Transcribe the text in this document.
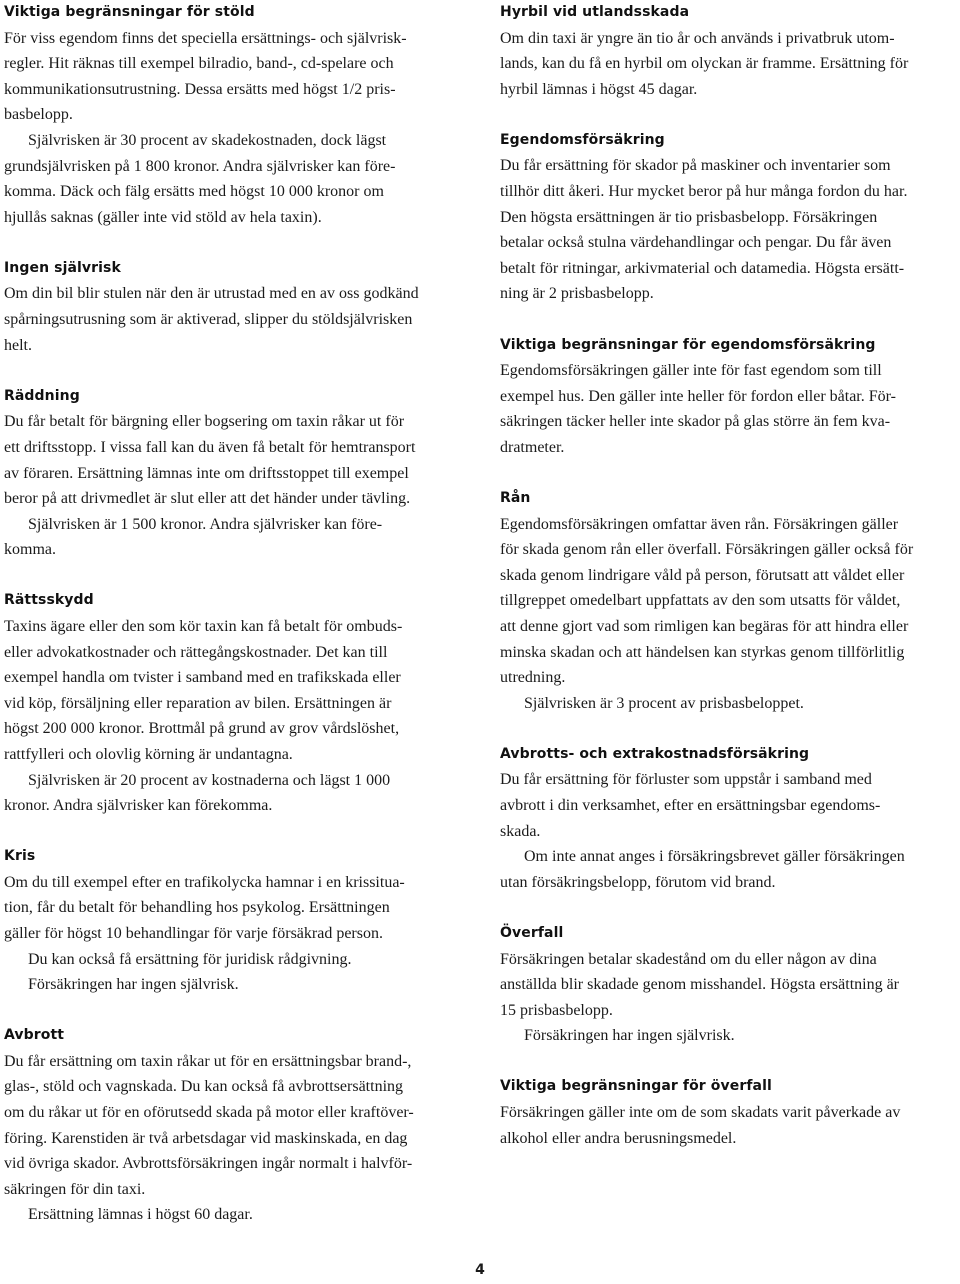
Viktiga begränsningar för stöld
För viss egendom finns det speciella ersättnings- och självrisk-
regler. Hit räknas till exempel bilradio, band-, cd-spelare och
kommunikationsutrustning. Dessa ersätts med högst 1/2 pris-
basbelopp.
Självrisken är 30 procent av skadekostnaden, dock lägst
grundsjälvrisken på 1 800 kronor. Andra självrisker kan före-
komma. Däck och fälg ersätts med högst 10 000 kronor om
hjullås saknas (gäller inte vid stöld av hela taxin).
Ingen självrisk
Om din bil blir stulen när den är utrustad med en av oss godkänd
spårningsutrusning som är aktiverad, slipper du stöldsjälvrisken
helt.
Räddning
Du får betalt för bärgning eller bogsering om taxin råkar ut för
ett driftsstopp. I vissa fall kan du även få betalt för hemtransport
av föraren. Ersättning lämnas inte om driftsstoppet till exempel
beror på att drivmedlet är slut eller att det händer under tävling.
Självrisken är 1 500 kronor. Andra självrisker kan före-
komma.
Rättsskydd
Taxins ägare eller den som kör taxin kan få betalt för ombuds-
eller advokatkostnader och rättegångskostnader. Det kan till
exempel handla om tvister i samband med en trafikskada eller
vid köp, försäljning eller reparation av bilen. Ersättningen är
högst 200 000 kronor. Brottmål på grund av grov vårdslöshet,
rattfylleri och olovlig körning är undantagna.
Självrisken är 20 procent av kostnaderna och lägst 1 000
kronor. Andra självrisker kan förekomma.
Kris
Om du till exempel efter en trafikolycka hamnar i en krissitua-
tion, får du betalt för behandling hos psykolog. Ersättningen
gäller för högst 10 behandlingar för varje försäkrad person.
Du kan också få ersättning för juridisk rådgivning.
Försäkringen har ingen självrisk.
Avbrott
Du får ersättning om taxin råkar ut för en ersättningsbar brand-,
glas-, stöld och vagnskada. Du kan också få avbrottsersättning
om du råkar ut för en oförutsedd skada på motor eller kraftöver-
föring. Karenstiden är två arbetsdagar vid maskinskada, en dag
vid övriga skador. Avbrottsförsäkringen ingår normalt i halvför-
säkringen för din taxi.
Ersättning lämnas i högst 60 dagar.
Hyrbil vid utlandsskada
Om din taxi är yngre än tio år och används i privatbruk utom-
lands, kan du få en hyrbil om olyckan är framme. Ersättning för
hyrbil lämnas i högst 45 dagar.
Egendomsförsäkring
Du får ersättning för skador på maskiner och inventarier som
tillhör ditt åkeri. Hur mycket beror på hur många fordon du har.
Den högsta ersättningen är tio prisbasbelopp. Försäkringen
betalar också stulna värdehandlingar och pengar. Du får även
betalt för ritningar, arkivmaterial och datamedia. Högsta ersätt-
ning är 2 prisbasbelopp.
Viktiga begränsningar för egendomsförsäkring
Egendomsförsäkringen gäller inte för fast egendom som till
exempel hus. Den gäller inte heller för fordon eller båtar. För-
säkringen täcker heller inte skador på glas större än fem kva-
dratmeter.
Rån
Egendomsförsäkringen omfattar även rån. Försäkringen gäller
för skada genom rån eller överfall. Försäkringen gäller också för
skada genom lindrigare våld på person, förutsatt att våldet eller
tillgreppet omedelbart uppfattats av den som utsatts för våldet,
att denne gjort vad som rimligen kan begäras för att hindra eller
minska skadan och att händelsen kan styrkas genom tillförlitlig
utredning.
Självrisken är 3 procent av prisbasbeloppet.
Avbrotts- och extrakostnadsförsäkring
Du får ersättning för förluster som uppstår i samband med
avbrott i din verksamhet, efter en ersättningsbar egendoms-
skada.
Om inte annat anges i försäkringsbrevet gäller försäkringen
utan försäkringsbelopp, förutom vid brand.
Överfall
Försäkringen betalar skadestånd om du eller någon av dina
anställda blir skadade genom misshandel. Högsta ersättning är
15 prisbasbelopp.
Försäkringen har ingen självrisk.
Viktiga begränsningar för överfall
Försäkringen gäller inte om de som skadats varit påverkade av
alkohol eller andra berusningsmedel.
4
